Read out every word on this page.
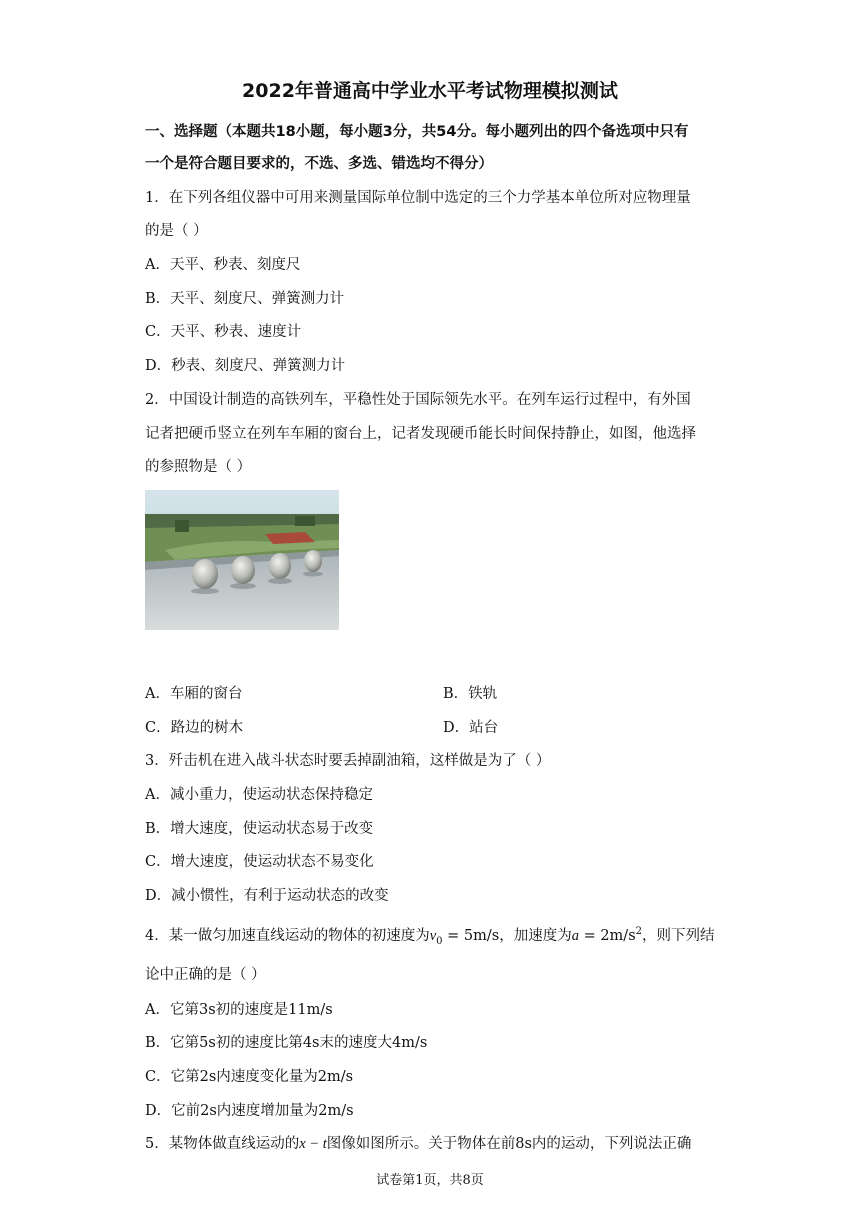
2022年普通高中学业水平考试物理模拟测试
一、选择题（本题共18小题，每小题3分，共54分。每小题列出的四个备选项中只有
一个是符合题目要求的，不选、多选、错选均不得分）
1．在下列各组仪器中可用来测量国际单位制中选定的三个力学基本单位所对应物理量
的是（ ）
A．天平、秒表、刻度尺
B．天平、刻度尺、弹簧测力计
C．天平、秒表、速度计
D．秒表、刻度尺、弹簧测力计
2．中国设计制造的高铁列车，平稳性处于国际领先水平。在列车运行过程中，有外国
记者把硬币竖立在列车车厢的窗台上，记者发现硬币能长时间保持静止，如图，他选择
的参照物是（ ）
A．车厢的窗台	B．铁轨
C．路边的树木	D．站台
3．歼击机在进入战斗状态时要丢掉副油箱，这样做是为了（ ）
A．减小重力，使运动状态保持稳定
B．增大速度，使运动状态易于改变
C．增大速度，使运动状态不易变化
D．减小惯性，有利于运动状态的改变
4．某一做匀加速直线运动的物体的初速度为$v_0 = 5m/s$，加速度为$a = 2m/s^2$，则下列结
论中正确的是（ ）
A．它第3s初的速度是11m/s
B．它第5s初的速度比第4s末的速度大4m/s
C．它第2s内速度变化量为2m/s
D．它前2s内速度增加量为2m/s
5．某物体做直线运动的x − t图像如图所示。关于物体在前8s内的运动，下列说法正确
试卷第1页，共8页
